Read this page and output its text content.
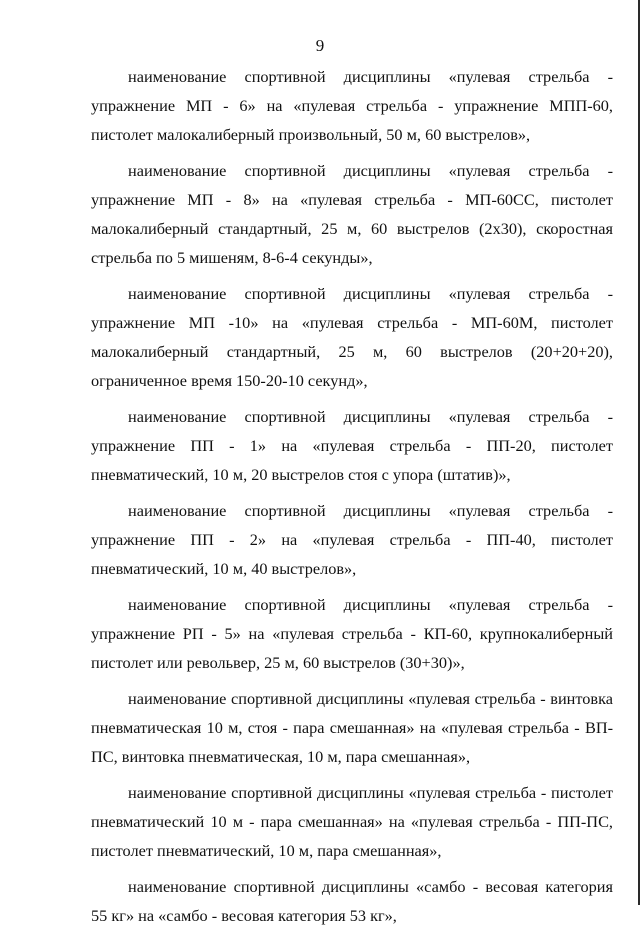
9

наименование спортивной дисциплины «пулевая стрельба - упражнение МП - 6» на «пулевая стрельба - упражнение МПП-60, пистолет малокалиберный произвольный, 50 м, 60 выстрелов»,

наименование спортивной дисциплины «пулевая стрельба - упражнение МП - 8» на «пулевая стрельба - МП-60СС, пистолет малокалиберный стандартный, 25 м, 60 выстрелов (2х30), скоростная стрельба по 5 мишеням, 8-6-4 секунды»,

наименование спортивной дисциплины «пулевая стрельба - упражнение МП -10» на «пулевая стрельба - МП-60М, пистолет малокалиберный стандартный, 25 м, 60 выстрелов (20+20+20), ограниченное время 150-20-10 секунд»,

наименование спортивной дисциплины «пулевая стрельба - упражнение ПП - 1» на «пулевая стрельба - ПП-20, пистолет пневматический, 10 м, 20 выстрелов стоя с упора (штатив)»,

наименование спортивной дисциплины «пулевая стрельба - упражнение ПП - 2» на «пулевая стрельба - ПП-40, пистолет пневматический, 10 м, 40 выстрелов»,

наименование спортивной дисциплины «пулевая стрельба - упражнение РП - 5» на «пулевая стрельба - КП-60, крупнокалиберный пистолет или револьвер, 25 м, 60 выстрелов (30+30)»,

наименование спортивной дисциплины «пулевая стрельба - винтовка пневматическая 10 м, стоя - пара смешанная» на «пулевая стрельба - ВП-ПС, винтовка пневматическая, 10 м, пара смешанная»,

наименование спортивной дисциплины «пулевая стрельба - пистолет пневматический 10 м - пара смешанная» на «пулевая стрельба - ПП-ПС, пистолет пневматический, 10 м, пара смешанная»,

наименование спортивной дисциплины «самбо - весовая категория 55 кг» на «самбо - весовая категория 53 кг»,
